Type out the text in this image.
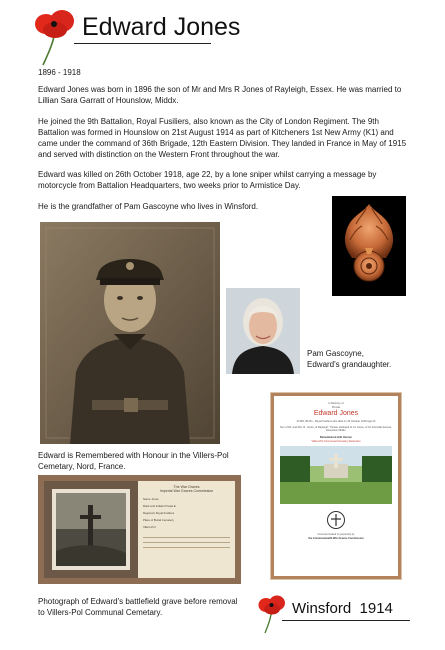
Edward Jones
1896 - 1918

Edward Jones was born in 1896 the son of Mr and Mrs R Jones of Rayleigh, Essex. He was married to Lillian Sara Garratt of Hounslow, Middx.

He joined the 9th Battalion, Royal Fusiliers, also known as the City of London Regiment. The 9th Battalion was formed in Hounslow on 21st August 1914 as part of Kitcheners 1st New Army (K1) and came under the command of 36th Brigade, 12th Eastern Division. They landed in France in May of 1915 and served with distinction on the Western Front throughout the war.

Edward was killed on 26th October 1918, age 22, by a lone sniper whilst carrying a message by motorcycle from Battalion Headquarters, two weeks prior to Armistice Day.

He is the grandfather of Pam Gascoyne who lives in Winsford.

Pam Gascoyne, Edward's grandaughter.

Edward is Remembered with Honour in the Villers-Pol Cemetary, Nord, France.

In Memory of
Private
Edward Jones
27309, 9th Bn., Royal Fusiliers who died on 26 October 1918 Age 22
Son of Mr. and Mrs. R. Jones, of Rayleigh; Trustee Husband of Lil. Jones, of 16 Grenville Avenue, Hounslow, Middx.
Remembered with Honour
Villers-Pol Communal Cemetery Extension
Commemorated in perpetuity by
the Commonwealth War Graves Commission
The War Graves
Imperial War Graves Commission
Name Jones
Rank and Initials Private E.
Regiment Royal Fusiliers
Place of Burial Cemetery
Villers-Pol

Photograph of Edward's battlefield grave before removal to Villers-Pol Communal Cemetary.	Winsford 1914
